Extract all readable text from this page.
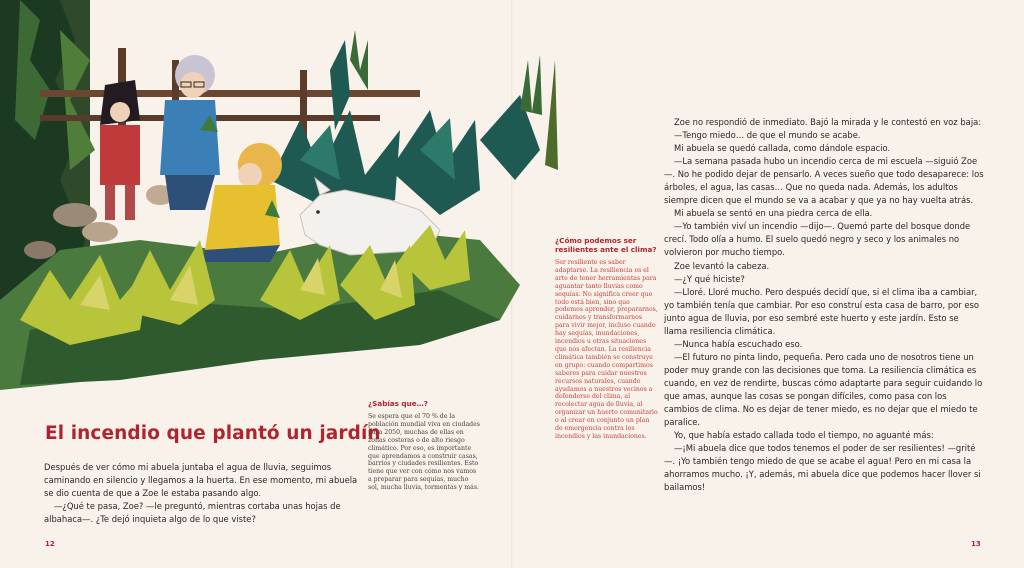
El incendio que plantó un jardín

Después de ver cómo mi abuela juntaba el agua de lluvia, seguimos caminando en silencio y llegamos a la huerta. En ese momento, mi abuela se dio cuenta de que a Zoe le estaba pasando algo.

—¿Qué te pasa, Zoe? —le preguntó, mientras cortaba unas hojas de albahaca—. ¿Te dejó inquieta algo de lo que viste?

¿Sabías que…?
Se espera que el 70 % de la población mundial viva en ciudades para 2050, muchas de ellas en zonas costeras o de alto riesgo climático. Por eso, es importante que aprendamos a construir casas, barrios y ciudades resilientes. Esto tiene que ver con cómo nos vamos a preparar para sequías, mucho sol, mucha lluvia, tormentas y más.
¿Cómo podemos ser resilientes ante el clima?
Ser resiliente es saber adaptarse. La resiliencia es el arte de tener herramientas para aguantar tanto lluvias como sequías. No significa creer que todo está bien, sino que podemos aprender, prepararnos, cuidarnos y transformarnos para vivir mejor, incluso cuando hay sequías, inundaciones, incendios u otras situaciones que nos afectan. La resiliencia climática también se construye en grupo: cuando compartimos saberes para cuidar nuestros recursos naturales, cuando ayudamos a nuestros vecinos a defenderse del clima, al recolectar agua de lluvia, al organizar un huerto comunitario o al crear en conjunto un plan de emergencia contra los incendios y las inundaciones.

Zoe no respondió de inmediato. Bajó la mirada y le contestó en voz baja:

—Tengo miedo… de que el mundo se acabe.

Mi abuela se quedó callada, como dándole espacio.

—La semana pasada hubo un incendio cerca de mi escuela —siguió Zoe—. No he podido dejar de pensarlo. A veces sueño que todo desaparece: los árboles, el agua, las casas… Que no queda nada. Además, los adultos siempre dicen que el mundo se va a acabar y que ya no hay vuelta atrás.

Mi abuela se sentó en una piedra cerca de ella.

—Yo también viví un incendio —dijo—. Quemó parte del bosque donde crecí. Todo olía a humo. El suelo quedó negro y seco y los animales no volvieron por mucho tiempo.

Zoe levantó la cabeza.

—¿Y qué hiciste?

—Lloré. Lloré mucho. Pero después decidí que, si el clima iba a cambiar, yo también tenía que cambiar. Por eso construí esta casa de barro, por eso junto agua de lluvia, por eso sembré este huerto y este jardín. Esto se llama resiliencia climática.

—Nunca había escuchado eso.

—El futuro no pinta lindo, pequeña. Pero cada uno de nosotros tiene un poder muy grande con las decisiones que toma. La resiliencia climática es cuando, en vez de rendirte, buscas cómo adaptarte para seguir cuidando lo que amas, aunque las cosas se pongan difíciles, como pasa con los cambios de clima. No es dejar de tener miedo, es no dejar que el miedo te paralice.

Yo, que había estado callada todo el tiempo, no aguanté más:

—¡Mi abuela dice que todos tenemos el poder de ser resilientes! —grité—. ¡Yo también tengo miedo de que se acabe el agua! Pero en mi casa la ahorramos mucho. ¡Y, además, mi abuela dice que podemos hacer llover si bailamos!

12	13
